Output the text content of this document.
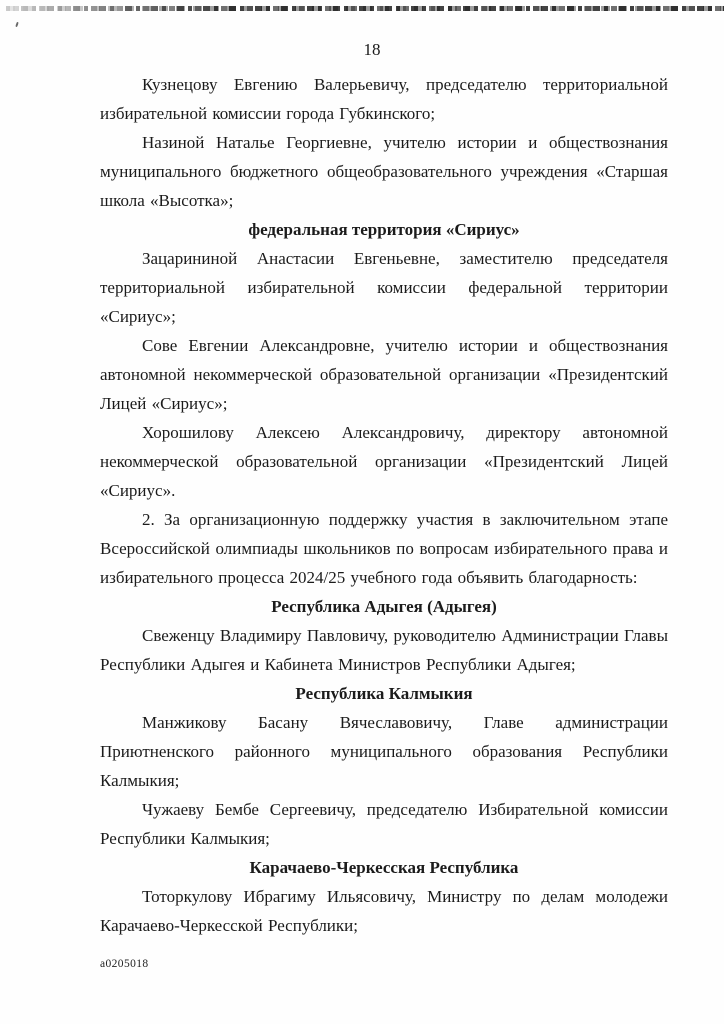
18

Кузнецову Евгению Валерьевичу, председателю территориальной избирательной комиссии города Губкинского;

Назиной Наталье Георгиевне, учителю истории и обществознания муниципального бюджетного общеобразовательного учреждения «Старшая школа «Высотка»;

федеральная территория «Сириус»

Зацарининой Анастасии Евгеньевне, заместителю председателя территориальной избирательной комиссии федеральной территории «Сириус»;

Сове Евгении Александровне, учителю истории и обществознания автономной некоммерческой образовательной организации «Президентский Лицей «Сириус»;

Хорошилову Алексею Александровичу, директору автономной некоммерческой образовательной организации «Президентский Лицей «Сириус».

2. За организационную поддержку участия в заключительном этапе Всероссийской олимпиады школьников по вопросам избирательного права и избирательного процесса 2024/25 учебного года объявить благодарность:

Республика Адыгея (Адыгея)

Свеженцу Владимиру Павловичу, руководителю Администрации Главы Республики Адыгея и Кабинета Министров Республики Адыгея;

Республика Калмыкия

Манжикову Басану Вячеславовичу, Главе администрации Приютненского районного муниципального образования Республики Калмыкия;

Чужаеву Бембе Сергеевичу, председателю Избирательной комиссии Республики Калмыкия;

Карачаево-Черкесская Республика

Тоторкулову Ибрагиму Ильясовичу, Министру по делам молодежи Карачаево-Черкесской Республики;

а0205018
